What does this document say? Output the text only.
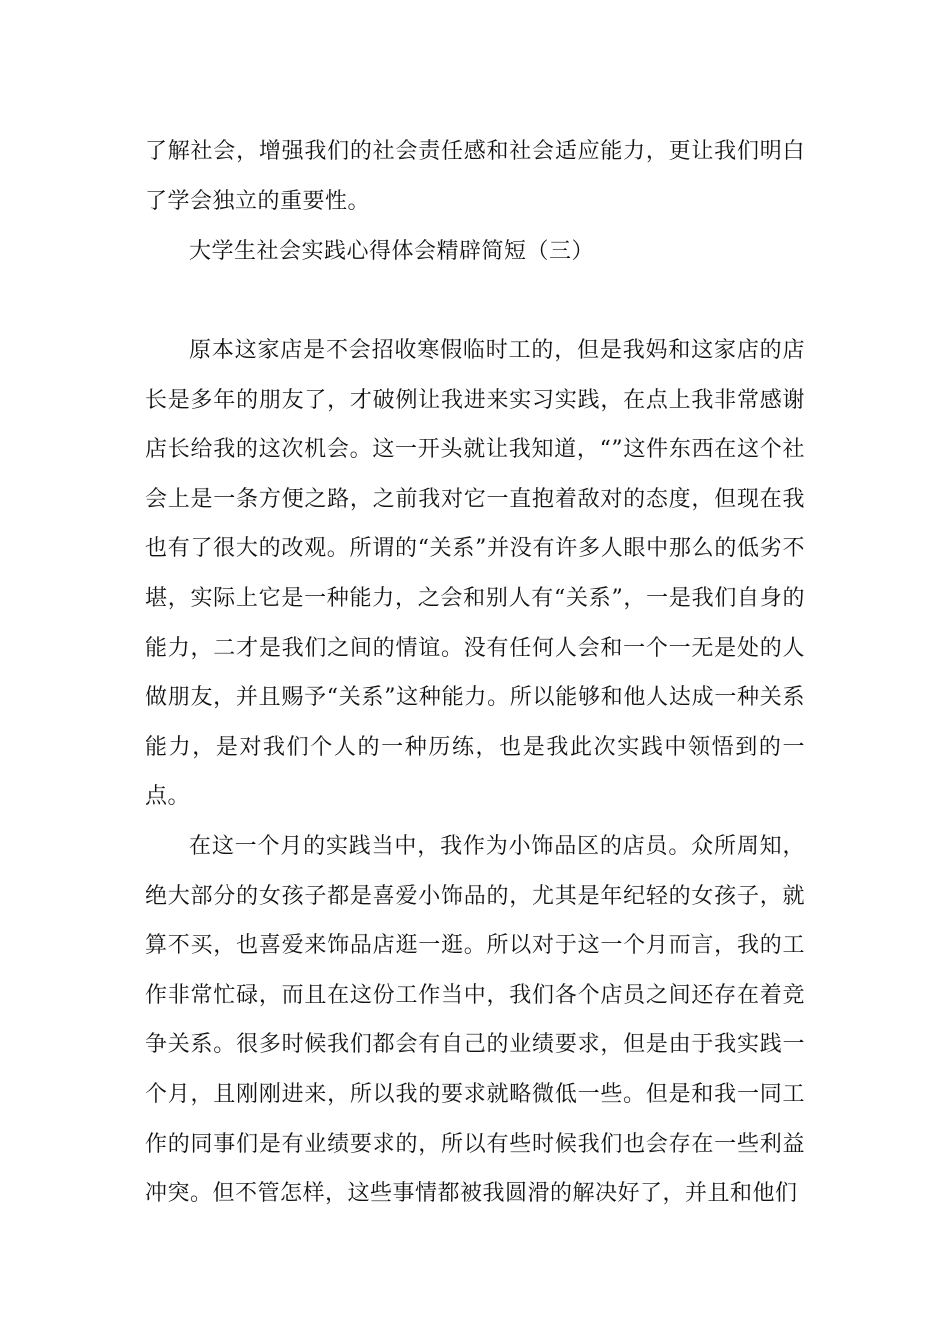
了解社会，增强我们的社会责任感和社会适应能力，更让我们明白了学会独立的重要性。

大学生社会实践心得体会精辟简短（三）

原本这家店是不会招收寒假临时工的，但是我妈和这家店的店长是多年的朋友了，才破例让我进来实习实践，在点上我非常感谢店长给我的这次机会。这一开头就让我知道，“”这件东西在这个社会上是一条方便之路，之前我对它一直抱着敌对的态度，但现在我也有了很大的改观。所谓的“关系”并没有许多人眼中那么的低劣不堪，实际上它是一种能力，之会和别人有“关系”，一是我们自身的能力，二才是我们之间的情谊。没有任何人会和一个一无是处的人做朋友，并且赐予“关系”这种能力。所以能够和他人达成一种关系能力，是对我们个人的一种历练，也是我此次实践中领悟到的一点。

在这一个月的实践当中，我作为小饰品区的店员。众所周知，绝大部分的女孩子都是喜爱小饰品的，尤其是年纪轻的女孩子，就算不买，也喜爱来饰品店逛一逛。所以对于这一个月而言，我的工作非常忙碌，而且在这份工作当中，我们各个店员之间还存在着竞争关系。很多时候我们都会有自己的业绩要求，但是由于我实践一个月，且刚刚进来，所以我的要求就略微低一些。但是和我一同工作的同事们是有业绩要求的，所以有些时候我们也会存在一些利益冲突。但不管怎样，这些事情都被我圆滑的解决好了，并且和他们
